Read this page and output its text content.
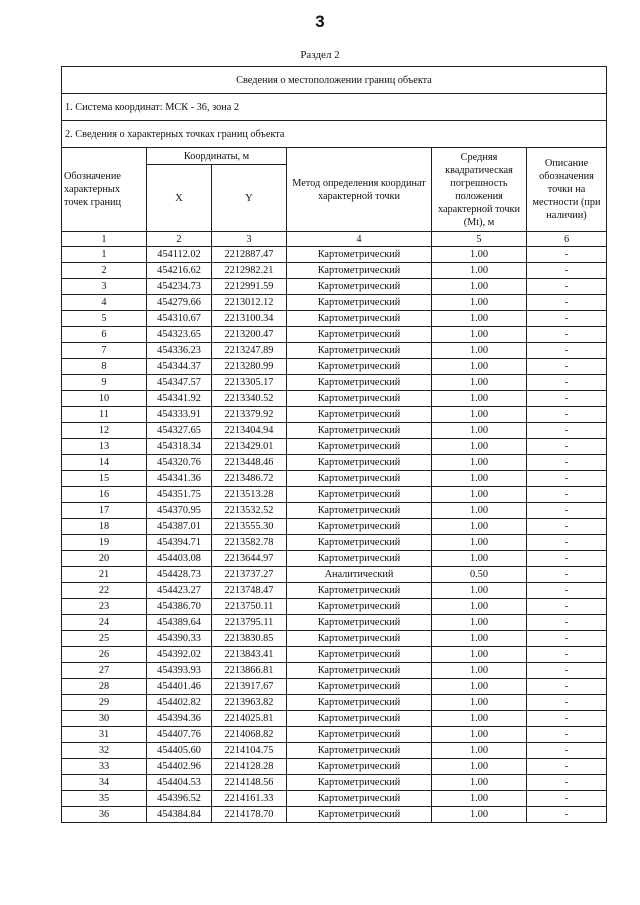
3
Раздел 2
Сведения о местоположении границ объекта					
1. Система координат: МСК - 36, зона 2					
2. Сведения о характерных точках границ объекта					
Обозначение характерных точек границ	Координаты, м		Метод определения координат характерной точки	Средняя квадратическая погрешность положения характерной точки (Mt), м	Описание обозначения точки на местности (при наличии)
	X	Y			
1	2	3	4	5	6
1	454112.02	2212887.47	Картометрический	1.00	-
2	454216.62	2212982.21	Картометрический	1.00	-
3	454234.73	2212991.59	Картометрический	1.00	-
4	454279.66	2213012.12	Картометрический	1.00	-
5	454310.67	2213100.34	Картометрический	1.00	-
6	454323.65	2213200.47	Картометрический	1.00	-
7	454336.23	2213247.89	Картометрический	1.00	-
8	454344.37	2213280.99	Картометрический	1.00	-
9	454347.57	2213305.17	Картометрический	1.00	-
10	454341.92	2213340.52	Картометрический	1.00	-
11	454333.91	2213379.92	Картометрический	1.00	-
12	454327.65	2213404.94	Картометрический	1.00	-
13	454318.34	2213429.01	Картометрический	1.00	-
14	454320.76	2213448.46	Картометрический	1.00	-
15	454341.36	2213486.72	Картометрический	1.00	-
16	454351.75	2213513.28	Картометрический	1.00	-
17	454370.95	2213532.52	Картометрический	1.00	-
18	454387.01	2213555.30	Картометрический	1.00	-
19	454394.71	2213582.78	Картометрический	1.00	-
20	454403.08	2213644.97	Картометрический	1.00	-
21	454428.73	2213737.27	Аналитический	0.50	-
22	454423.27	2213748.47	Картометрический	1.00	-
23	454386.70	2213750.11	Картометрический	1.00	-
24	454389.64	2213795.11	Картометрический	1.00	-
25	454390.33	2213830.85	Картометрический	1.00	-
26	454392.02	2213843.41	Картометрический	1.00	-
27	454393.93	2213866.81	Картометрический	1.00	-
28	454401.46	2213917.67	Картометрический	1.00	-
29	454402.82	2213963.82	Картометрический	1.00	-
30	454394.36	2214025.81	Картометрический	1.00	-
31	454407.76	2214068.82	Картометрический	1.00	-
32	454405.60	2214104.75	Картометрический	1.00	-
33	454402.96	2214128.28	Картометрический	1.00	-
34	454404.53	2214148.56	Картометрический	1.00	-
35	454396.52	2214161.33	Картометрический	1.00	-
36	454384.84	2214178.70	Картометрический	1.00	-
